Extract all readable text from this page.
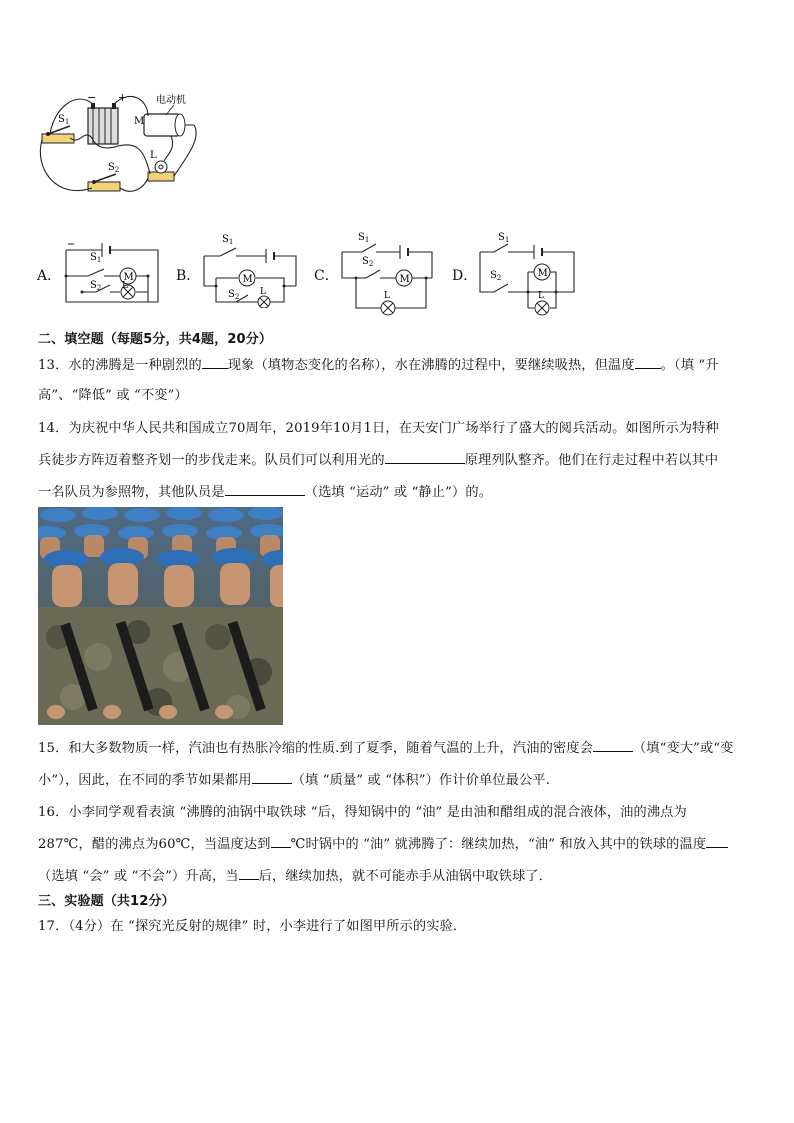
− +	电动机
M
L
$S_1$
$S_2$
A．	M
$S_1$
$S_2$ L
B．	M
$S_1$
$S_2$ L
C．	M
$S_1$
$S_2$
L
D．	M
$S_1$
$S_2$
L
二、填空题（每题5分，共4题，20分）
13．水的沸腾是一种剧烈的 现象（填物态变化的名称），水在沸腾的过程中，要继续吸热，但温度 。（填 “升
高”、“降低” 或 “不变”）
14．为庆祝中华人民共和国成立70周年，2019年10月1日，在天安门广场举行了盛大的阅兵活动。如图所示为特种
兵徒步方阵迈着整齐划一的步伐走来。队员们可以利用光的	原理列队整齐。他们在行走过程中若以其中
一名队员为参照物，其他队员是	（选填 “运动” 或 “静止”）的。
15．和大多数物质一样，汽油也有热胀冷缩的性质.到了夏季，随着气温的上升，汽油的密度会	（填“变大”或“变
小”），因此，在不同的季节如果都用	（填 “质量” 或 “体积”）作计价单位最公平.
16．小李同学观看表演 “沸腾的油锅中取铁球 “后，得知锅中的 “油” 是由油和醋组成的混合液体，油的沸点为
287℃，醋的沸点为60℃，当温度达到 ℃时锅中的 “油” 就沸腾了：继续加热，“油” 和放入其中的铁球的温度
（选填 “会” 或 “不会”）升高，当 后，继续加热，就不可能赤手从油锅中取铁球了．
三、实验题（共12分）
17．（4分）在 “探究光反射的规律” 时，小李进行了如图甲所示的实验．
